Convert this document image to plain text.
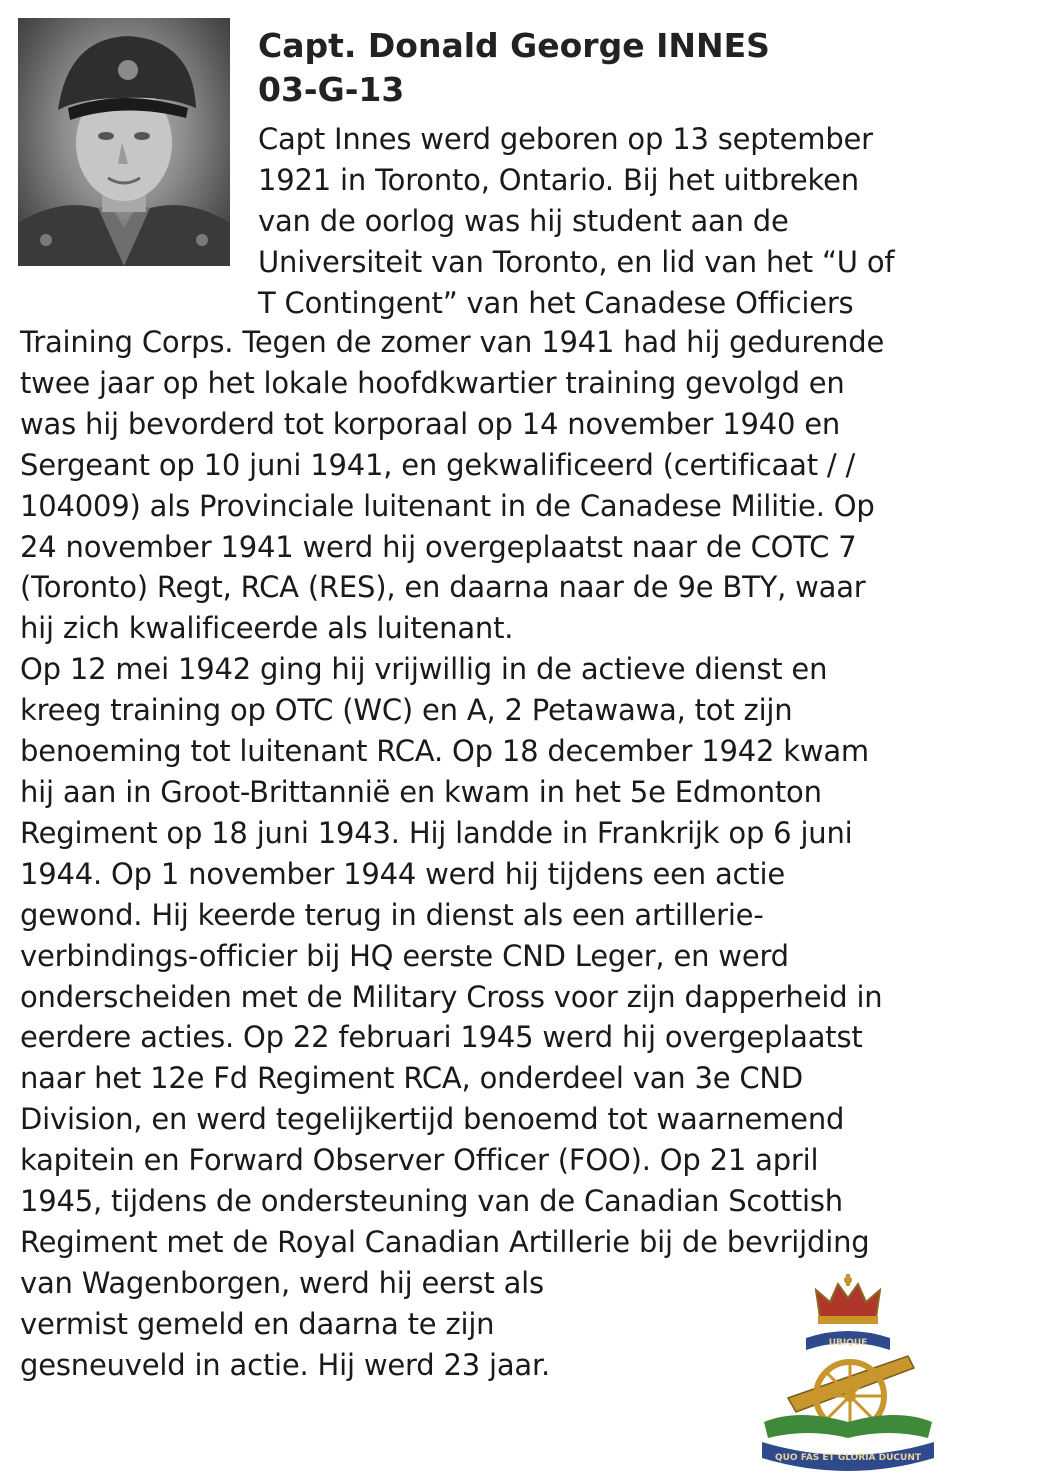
Capt. Donald George INNES
03-G-13

Capt Innes werd geboren op 13 september
1921 in Toronto, Ontario. Bij het uitbreken
van de oorlog was hij student aan de
Universiteit van Toronto, en lid van het “U of
T Contingent” van het Canadese Officiers

Training Corps. Tegen de zomer van 1941 had hij gedurende
twee jaar op het lokale hoofdkwartier training gevolgd en
was hij bevorderd tot korporaal op 14 november 1940 en
Sergeant op 10 juni 1941, en gekwalificeerd (certificaat / /
104009) als Provinciale luitenant in de Canadese Militie. Op
24 november 1941 werd hij overgeplaatst naar de COTC 7
(Toronto) Regt, RCA (RES), en daarna naar de 9e BTY, waar
hij zich kwalificeerde als luitenant.
Op 12 mei 1942 ging hij vrijwillig in de actieve dienst en
kreeg training op OTC (WC) en A, 2 Petawawa, tot zijn
benoeming tot luitenant RCA. Op 18 december 1942 kwam
hij aan in Groot-Brittannië en kwam in het 5e Edmonton
Regiment op 18 juni 1943. Hij landde in Frankrijk op 6 juni
1944. Op 1 november 1944 werd hij tijdens een actie
gewond. Hij keerde terug in dienst als een artillerie-
verbindings-officier bij HQ eerste CND Leger, en werd
onderscheiden met de Military Cross voor zijn dapperheid in
eerdere acties. Op 22 februari 1945 werd hij overgeplaatst
naar het 12e Fd Regiment RCA, onderdeel van 3e CND
Division, en werd tegelijkertijd benoemd tot waarnemend
kapitein en Forward Observer Officer (FOO). Op 21 april
1945, tijdens de ondersteuning van de Canadian Scottish
Regiment met de Royal Canadian Artillerie bij de bevrijding
van Wagenborgen, werd hij eerst als
vermist gemeld en daarna te zijn
gesneuveld in actie. Hij werd 23 jaar.

UBIQUE
QUO FAS ET GLORIA DUCUNT
